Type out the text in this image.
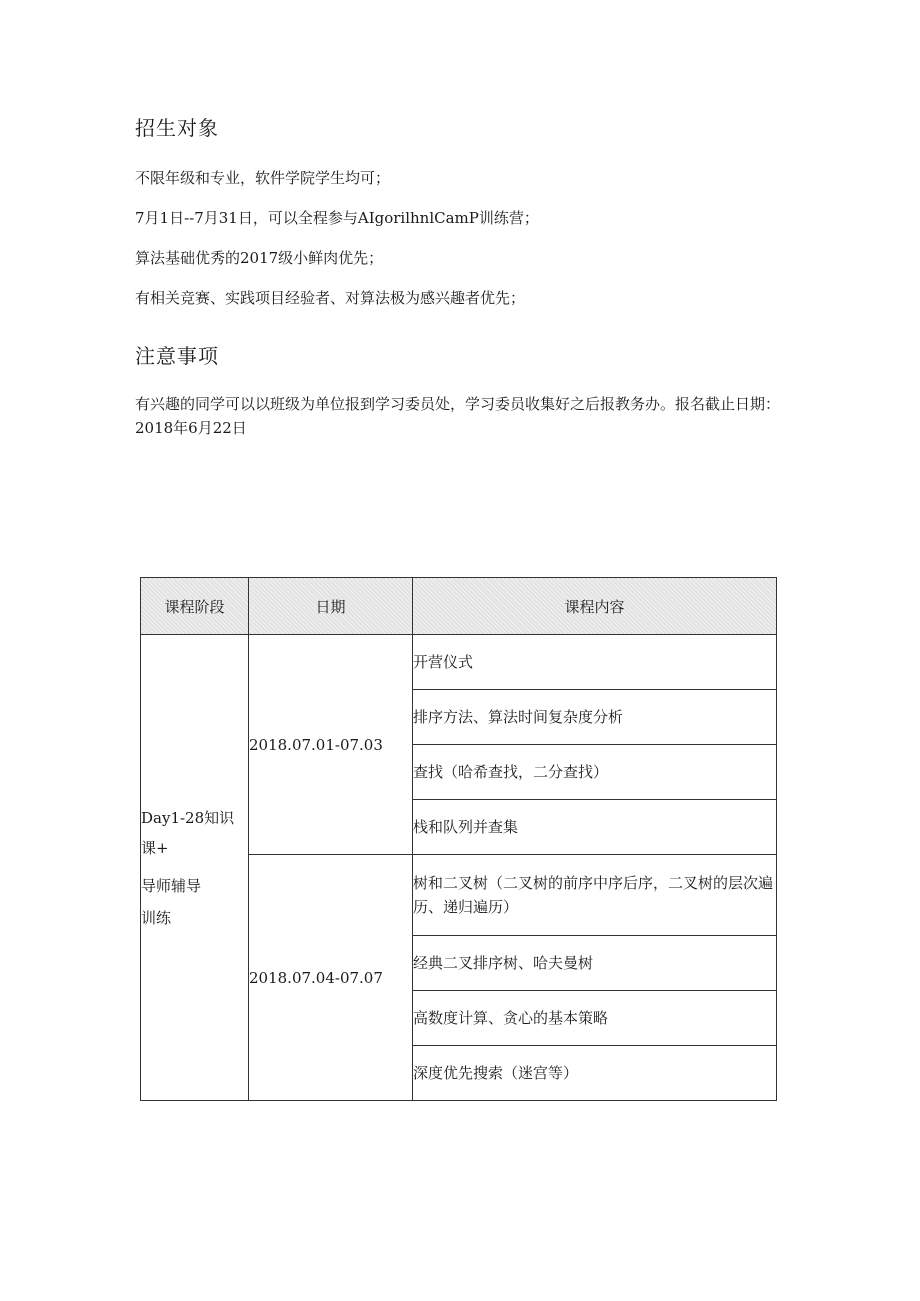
招生对象

不限年级和专业，软件学院学生均可；

7月1日--7月31日，可以全程参与AIgorilhnlCamP训练营；

算法基础优秀的2017级小鲜肉优先；

有相关竞赛、实践项目经验者、对算法极为感兴趣者优先；

注意事项

有兴趣的同学可以以班级为单位报到学习委员处，学习委员收集好之后报教务办。报名截止日期：2018年6月22日

课程阶段	日期	课程内容

Day1-28知识课+
导师辅导
训练	2018.07.01-07.03	开营仪式
		排序方法、算法时间复杂度分析
		查找（哈希查找，二分查找）
		栈和队列并查集
	2018.07.04-07.07	树和二叉树（二叉树的前序中序后序，二叉树的层次遍历、递归遍历）
		经典二叉排序树、哈夫曼树
		高数度计算、贪心的基本策略
		深度优先搜索（迷宫等）
